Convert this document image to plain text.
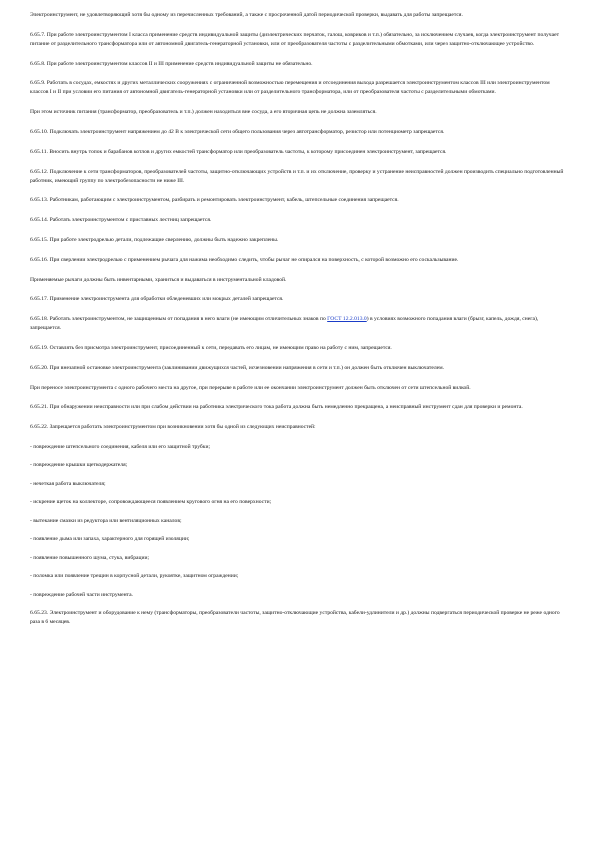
Электроинструмент, не удовлетворяющий хотя бы одному из перечисленных требований, а также с просроченной датой периодической проверки, выдавать для работы запрещается.

6.65.7. При работе электроинструментом I класса применение средств индивидуальной защиты (диэлектрических перчаток, галош, ковриков и т.п.) обязательно, за исключением случаев, когда электроинструмент получает питание от разделительного трансформатора или от автономной двигатель-генераторной установки, или от преобразователя частоты с разделительными обмотками, или через защитно-отключающее устройство.

6.65.8. При работе электроинструментом классов II и III применение средств индивидуальной защиты не обязательно.

6.65.9. Работать в сосудах, емкостях и других металлических сооружениях с ограниченной возможностью перемещения и отсоединения выхода разрешается электроинструментом классов III или электроинструментом классов I и II при условии его питания от автономной двигатель-генераторной установки или от разделительного трансформатора, или от преобразователя частоты с разделительными обмотками.

При этом источник питания (трансформатор, преобразователь и т.п.) должен находиться вне сосуда, а его вторичная цепь не должна заземляться.

6.65.10. Подключать электроинструмент напряжением до 42 В к электрической сети общего пользования через автотрансформатор, резистор или потенциометр запрещается.

6.65.11. Вносить внутрь топок и барабанов котлов и других емкостей трансформатор или преобразователь частоты, к которому присоединен электроинструмент, запрещается.

6.65.12. Подключение к сети трансформаторов, преобразователей частоты, защитно-отключающих устройств и т.п. и их отключение, проверку и устранение неисправностей должен производить специально подготовленный работник, имеющий группу по электробезопасности не ниже III.

6.65.13. Работникам, работающим с электроинструментом, разбирать и ремонтировать электроинструмент, кабель, штепсельные соединения запрещается.

6.65.14. Работать электроинструментом с приставных лестниц запрещается.

6.65.15. При работе электродрелью детали, подлежащие сверлению, должны быть надежно закреплены.

6.65.16. При сверлении электродрелью с применением рычага для нажима необходимо следить, чтобы рычаг не опирался на поверхность, с которой возможно его соскальзывание.

Применяемые рычаги должны быть инвентарными, храниться и выдаваться в инструментальной кладовой.

6.65.17. Применение электроинструмента для обработки обледеневших или мокрых деталей запрещается.

6.65.18. Работать электроинструментом, не защищенным от попадания в него влаги (не имеющим отличительных знаков по ГОСТ 12.2.013.0) в условиях возможного попадания влаги (брызг, капель, дождя, снега), запрещается.

6.65.19. Оставлять без присмотра электроинструмент, присоединенный к сети, передавать его лицам, не имеющим право на работу с ним, запрещается.

6.65.20. При внезапной остановке электроинструмента (заклинивании движущихся частей, исчезновении напряжения в сети и т.п.) он должен быть отключен выключателем.

При переносе электроинструмента с одного рабочего места на другое, при перерыве в работе или ее окончании электроинструмент должен быть отключен от сети штепсельной вилкой.

6.65.21. При обнаружении неисправности или при слабом действии на работника электрического тока работа должна быть немедленно прекращена, а неисправный инструмент сдан для проверки и ремонта.

6.65.22. Запрещается работать электроинструментом при возникновении хотя бы одной из следующих неисправностей:

- повреждение штепсельного соединения, кабеля или его защитной трубки;

- повреждение крышки щеткодержателя;

- нечеткая работа выключателя;

- искрение щеток на коллекторе, сопровождающееся появлением кругового огня на его поверхности;

- вытекание смазки из редуктора или вентиляционных каналов;

- появление дыма или запаха, характерного для горящей изоляции;

- появление повышенного шума, стука, вибрации;

- поломка или появление трещин в корпусной детали, рукоятке, защитном ограждении;

- повреждение рабочей части инструмента.

6.65.23. Электроинструмент и оборудование к нему (трансформаторы, преобразователи частоты, защитно-отключающие устройства, кабели-удлинители и др.) должны подвергаться периодической проверке не реже одного раза в 6 месяцев.
